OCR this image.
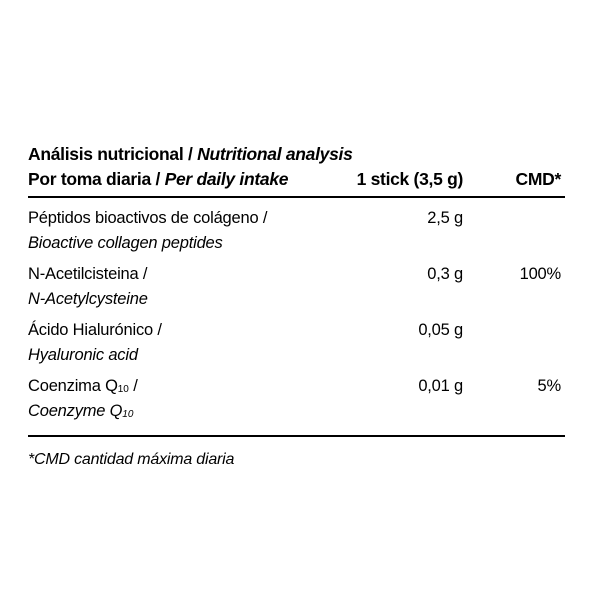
Análisis nutricional / Nutritional analysis

Por toma diaria / Per daily intake	1 stick (3,5 g)	CMD*
Péptidos bioactivos de colágeno /
Bioactive collagen peptides	2,5 g	
N-Acetilcisteina /
N-Acetylcysteine	0,3 g	100%
Ácido Hialurónico /
Hyaluronic acid	0,05 g	
Coenzima Q10 /
Coenzyme Q10	0,01 g	5%

*CMD cantidad máxima diaria
